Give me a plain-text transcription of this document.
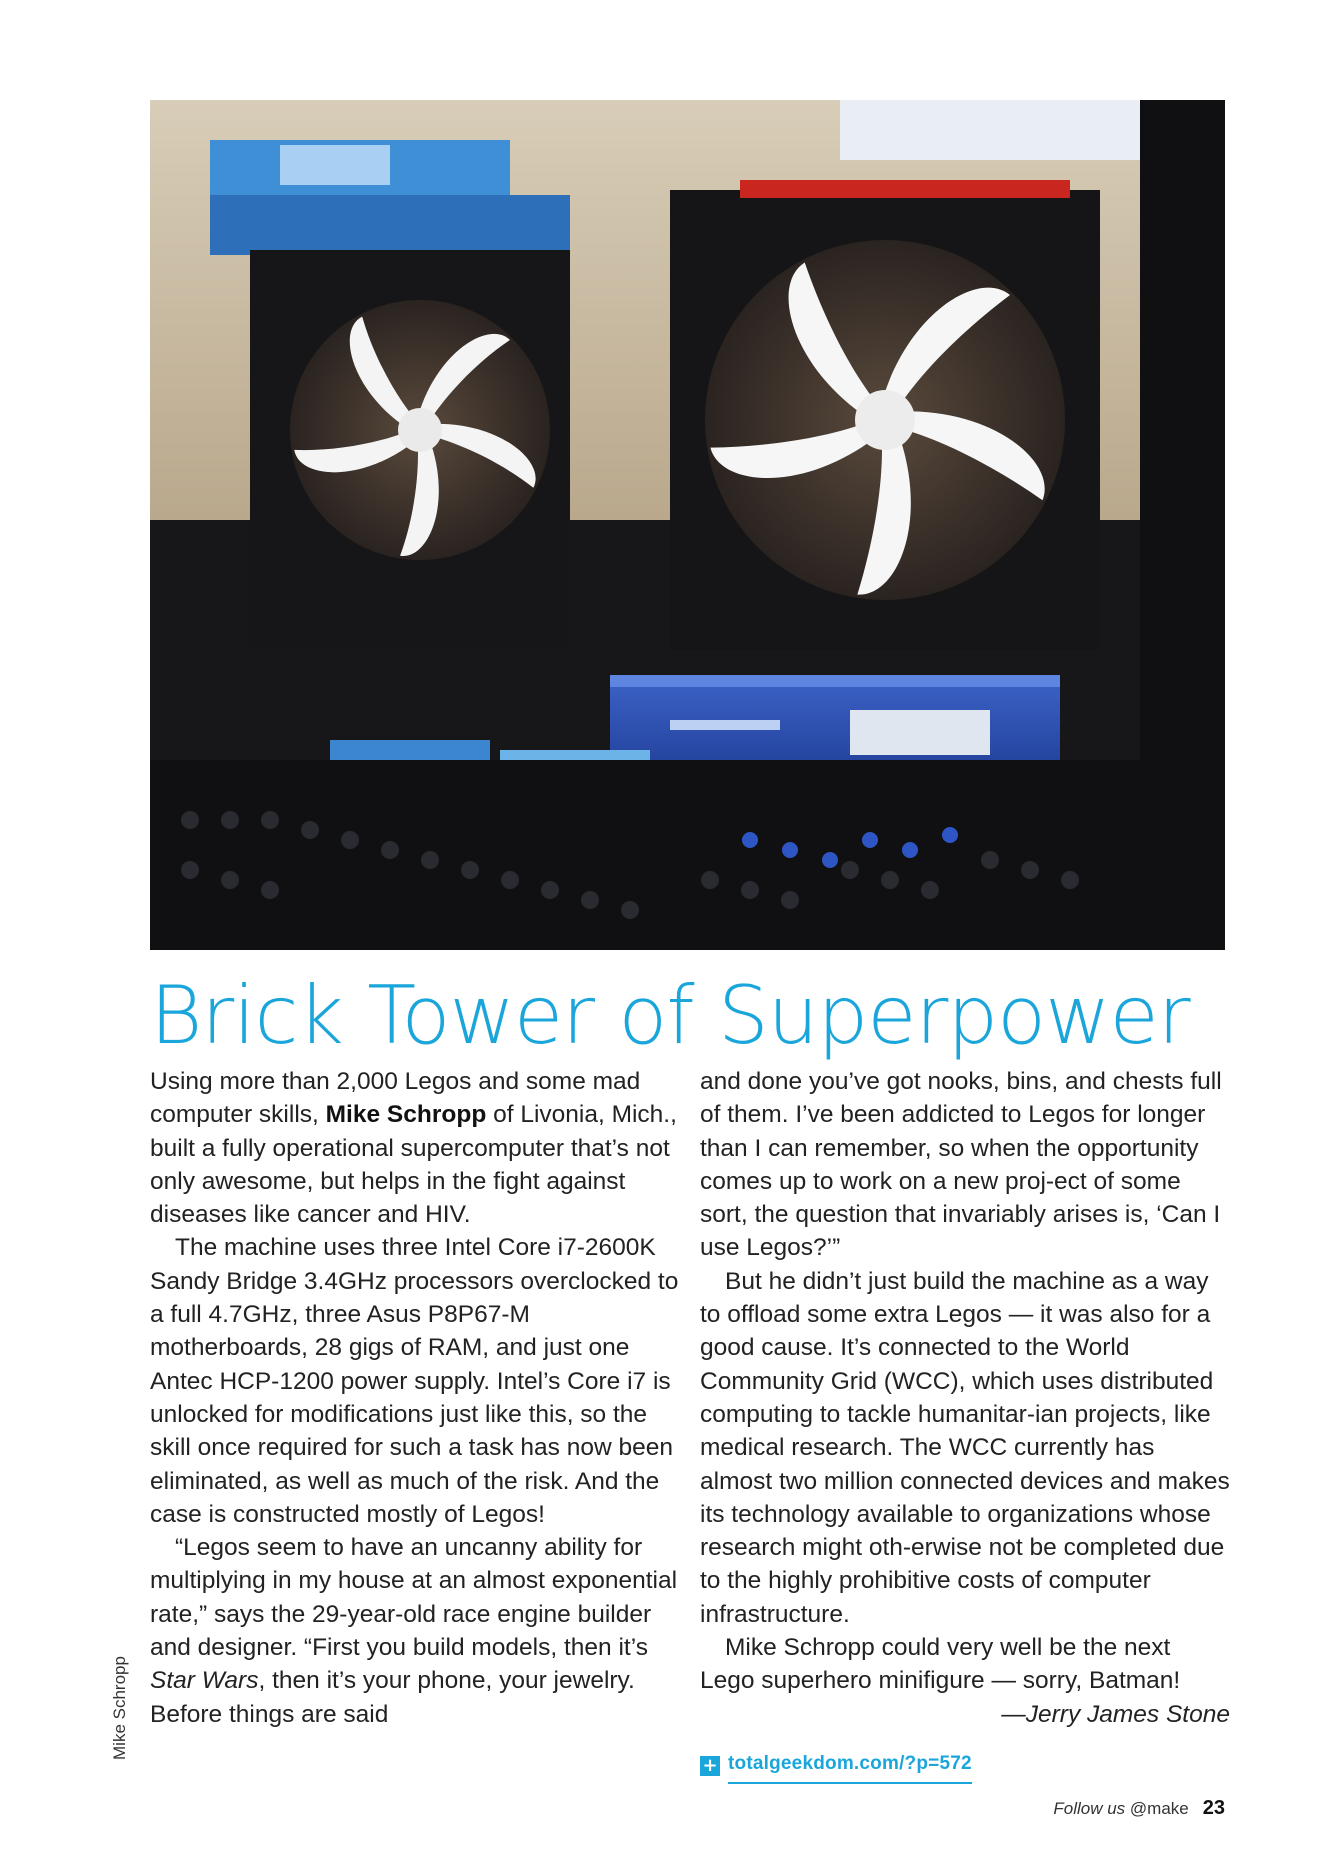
Brick Tower of Superpower

Using more than 2,000 Legos and some mad computer skills, Mike Schropp of Livonia, Mich., built a fully operational supercomputer that’s not only awesome, but helps in the fight against diseases like cancer and HIV.

The machine uses three Intel Core i7-2600K Sandy Bridge 3.4GHz processors overclocked to a full 4.7GHz, three Asus P8P67-M motherboards, 28 gigs of RAM, and just one Antec HCP-1200 power supply. Intel’s Core i7 is unlocked for modifications just like this, so the skill once required for such a task has now been eliminated, as well as much of the risk. And the case is constructed mostly of Legos!

“Legos seem to have an uncanny ability for multiplying in my house at an almost exponential rate,” says the 29-year-old race engine builder and designer. “First you build models, then it’s Star Wars, then it’s your phone, your jewelry. Before things are said

and done you’ve got nooks, bins, and chests full of them. I’ve been addicted to Legos for longer than I can remember, so when the opportunity comes up to work on a new proj-ect of some sort, the question that invariably arises is, ‘Can I use Legos?’”

But he didn’t just build the machine as a way to offload some extra Legos — it was also for a good cause. It’s connected to the World Community Grid (WCC), which uses distributed computing to tackle humanitar-ian projects, like medical research. The WCC currently has almost two million connected devices and makes its technology available to organizations whose research might oth-erwise not be completed due to the highly prohibitive costs of computer infrastructure.

Mike Schropp could very well be the next Lego superhero minifigure — sorry, Batman!

—Jerry James Stone

+ totalgeekdom.com/?p=572
Mike Schropp
Follow us @make 23
